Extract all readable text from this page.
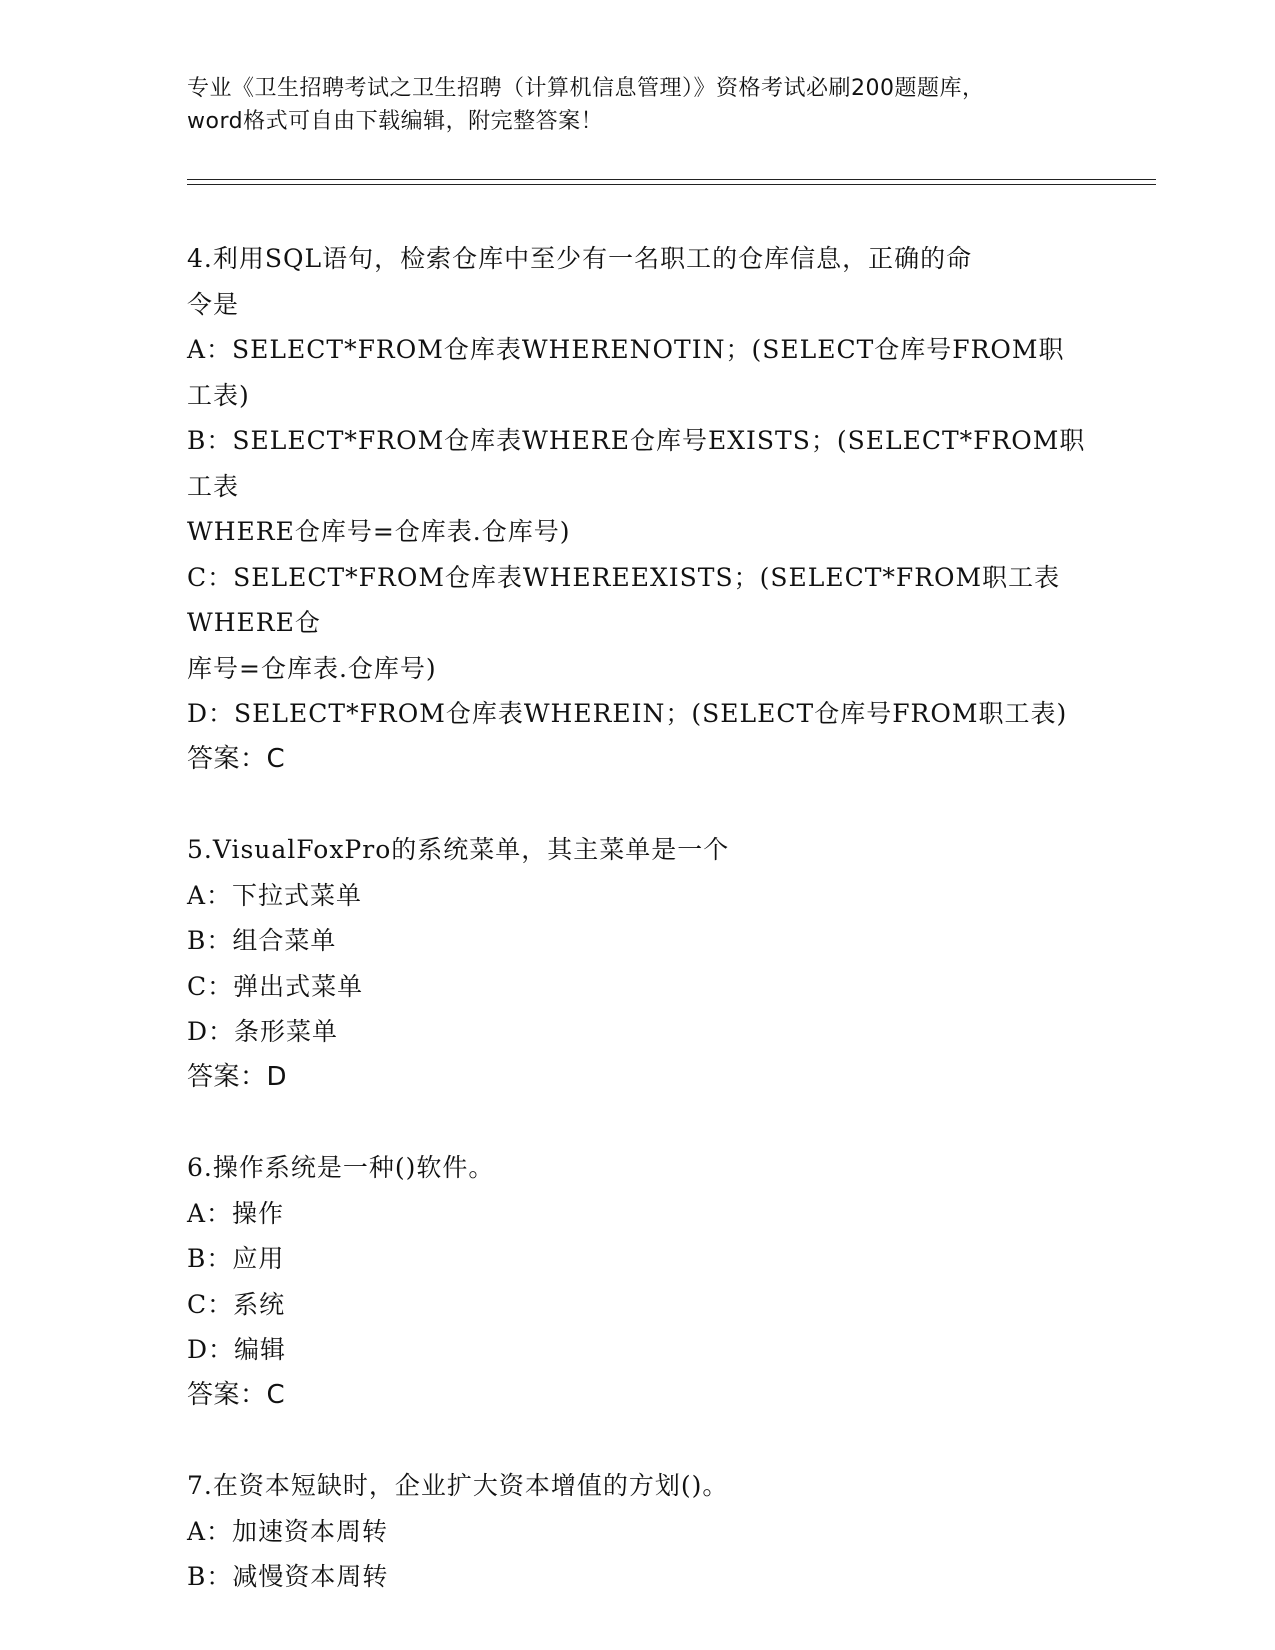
专业《卫生招聘考试之卫生招聘（计算机信息管理）》资格考试必刷200题题库，
word格式可自由下载编辑，附完整答案！
4.利用SQL语句，检索仓库中至少有一名职工的仓库信息，正确的命
令是
A：SELECT*FROM仓库表WHERENOTIN；(SELECT仓库号FROM职工表)
B：SELECT*FROM仓库表WHERE仓库号EXISTS；(SELECT*FROM职工表
WHERE仓库号=仓库表.仓库号)
C：SELECT*FROM仓库表WHEREEXISTS；(SELECT*FROM职工表WHERE仓
库号=仓库表.仓库号)
D：SELECT*FROM仓库表WHEREIN；(SELECT仓库号FROM职工表)
答案：C
5.VisualFoxPro的系统菜单，其主菜单是一个
A：下拉式菜单
B：组合菜单
C：弹出式菜单
D：条形菜单
答案：D
6.操作系统是一种()软件。
A：操作
B：应用
C：系统
D：编辑
答案：C
7.在资本短缺时，企业扩大资本增值的方划()。
A：加速资本周转
B：减慢资本周转
